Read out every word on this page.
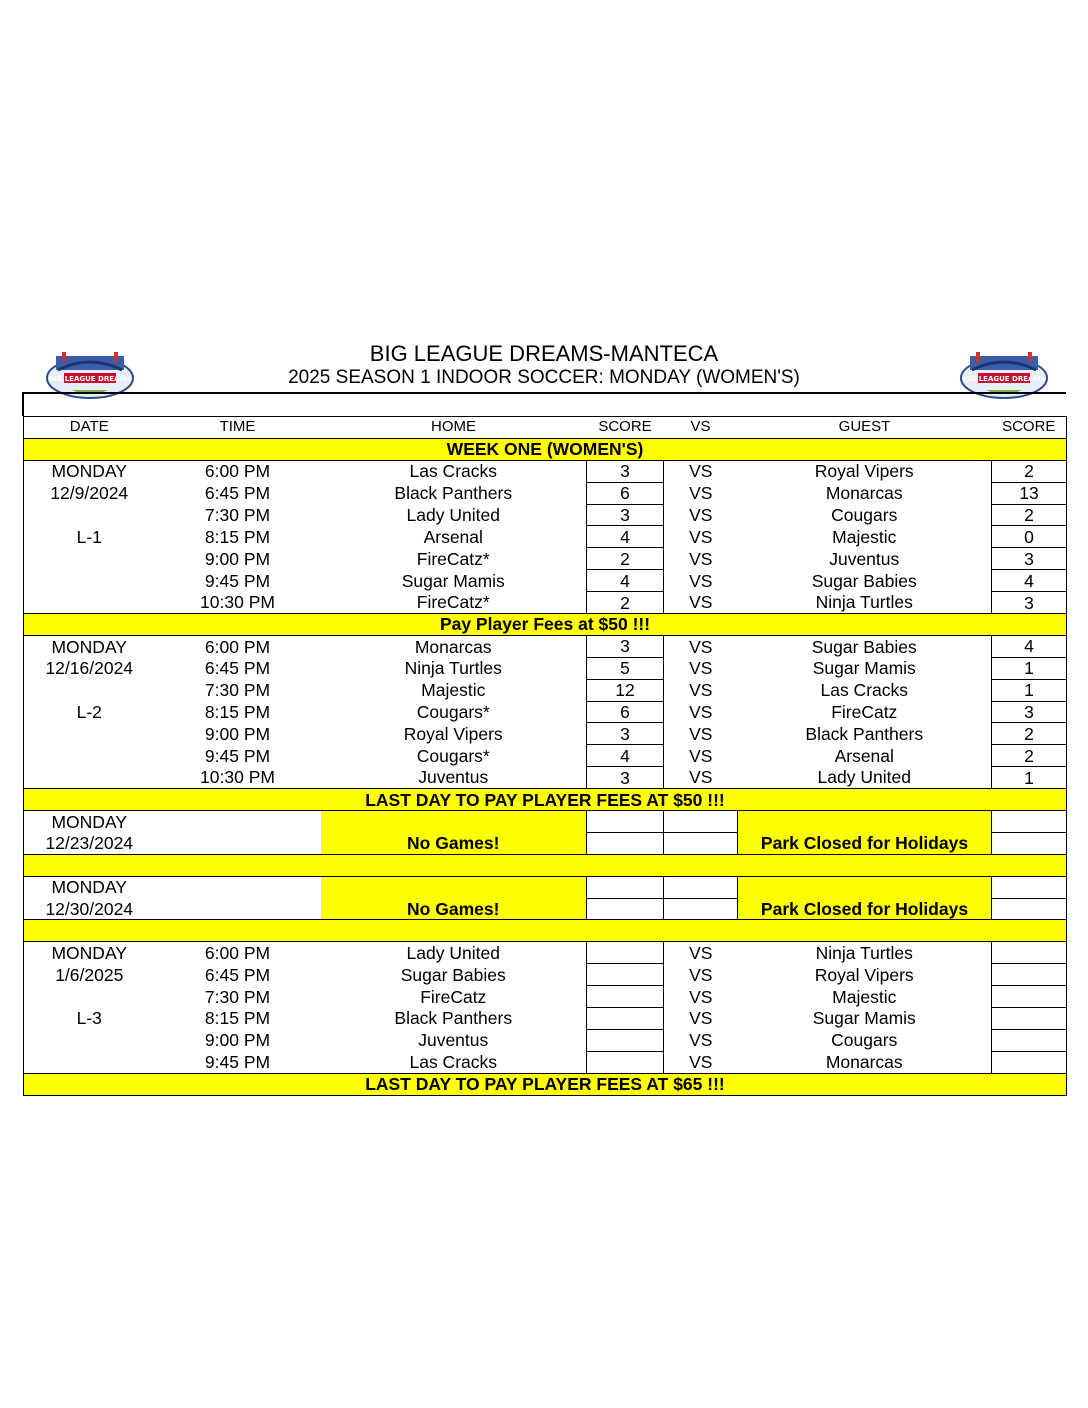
BIG LEAGUE DREAMS	BIG LEAGUE DREAMS
BIG LEAGUE DREAMS-MANTECA
2025 SEASON 1 INDOOR SOCCER: MONDAY (WOMEN'S)
DATE	TIME	HOME	SCORE	VS	GUEST	SCORE
WEEK ONE (WOMEN'S)						
MONDAY	6:00 PM	Las Cracks	3	VS	Royal Vipers	2
12/9/2024	6:45 PM	Black Panthers	6	VS	Monarcas	13
	7:30 PM	Lady United	3	VS	Cougars	2
L-1	8:15 PM	Arsenal	4	VS	Majestic	0
	9:00 PM	FireCatz*	2	VS	Juventus	3
	9:45 PM	Sugar Mamis	4	VS	Sugar Babies	4
	10:30 PM	FireCatz*	2	VS	Ninja Turtles	3
Pay Player Fees at $50 !!!						
MONDAY	6:00 PM	Monarcas	3	VS	Sugar Babies	4
12/16/2024	6:45 PM	Ninja Turtles	5	VS	Sugar Mamis	1
	7:30 PM	Majestic	12	VS	Las Cracks	1
L-2	8:15 PM	Cougars*	6	VS	FireCatz	3
	9:00 PM	Royal Vipers	3	VS	Black Panthers	2
	9:45 PM	Cougars*	4	VS	Arsenal	2
	10:30 PM	Juventus	3	VS	Lady United	1
LAST DAY TO PAY PLAYER FEES AT $50 !!!						
MONDAY						
12/23/2024		No Games!			Park Closed for Holidays	

MONDAY						
12/30/2024		No Games!			Park Closed for Holidays	

MONDAY	6:00 PM	Lady United		VS	Ninja Turtles	
1/6/2025	6:45 PM	Sugar Babies		VS	Royal Vipers	
	7:30 PM	FireCatz		VS	Majestic	
L-3	8:15 PM	Black Panthers		VS	Sugar Mamis	
	9:00 PM	Juventus		VS	Cougars	
	9:45 PM	Las Cracks		VS	Monarcas	
LAST DAY TO PAY PLAYER FEES AT $65 !!!						
